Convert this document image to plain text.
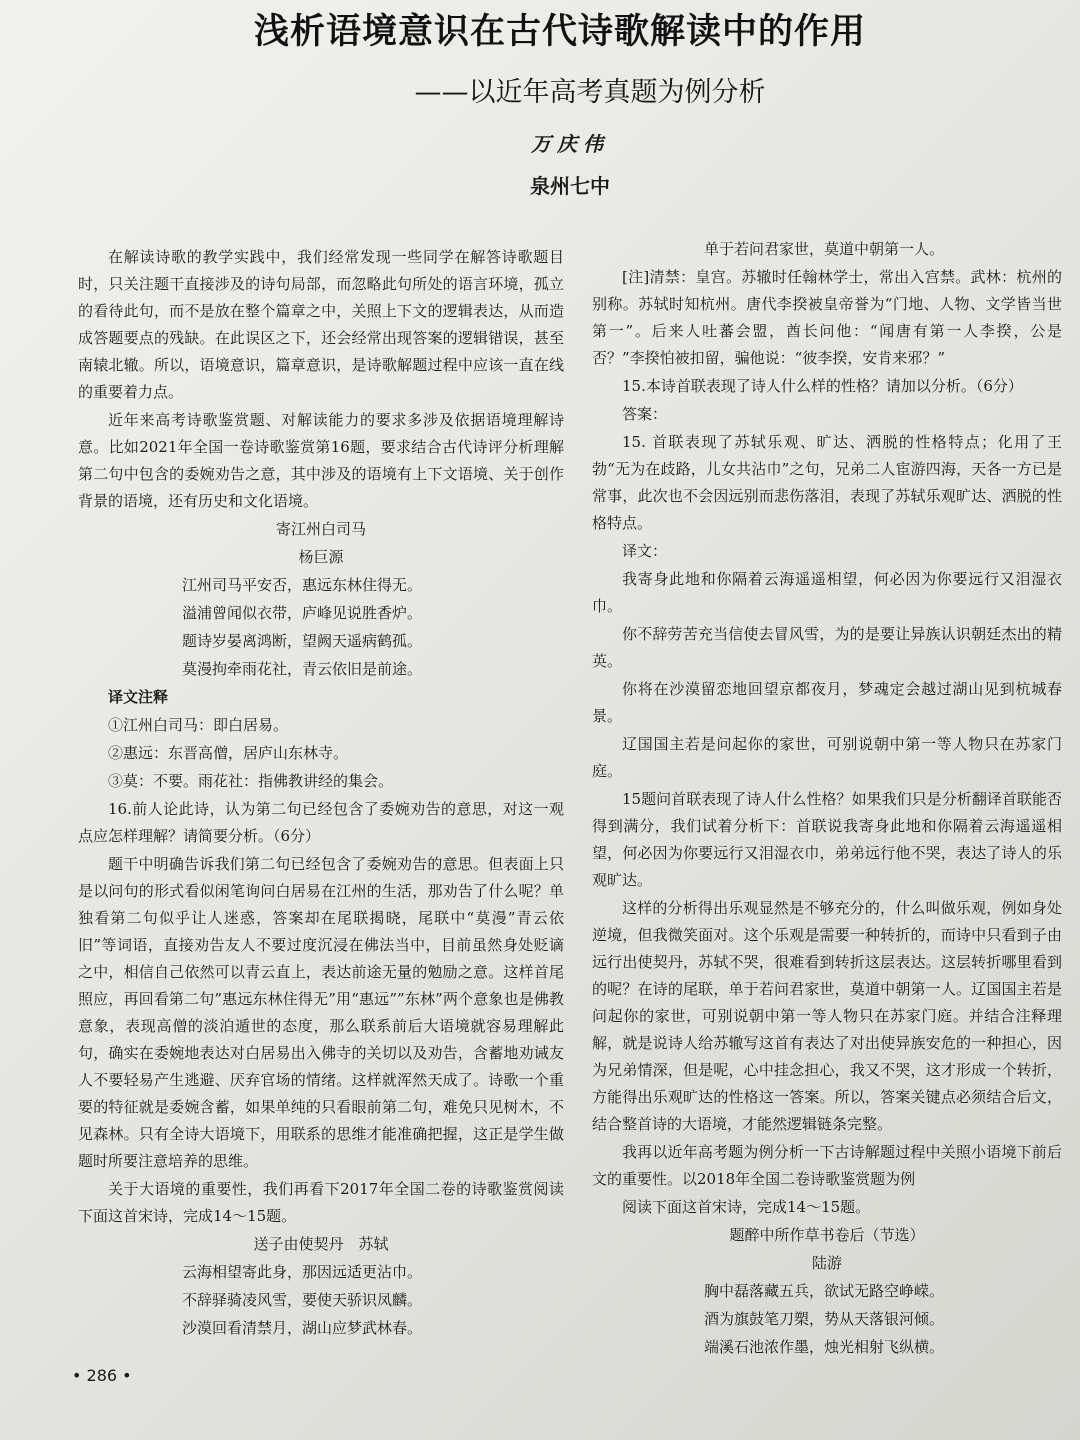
浅析语境意识在古代诗歌解读中的作用
——以近年高考真题为例分析
万庆伟
泉州七中

在解读诗歌的教学实践中，我们经常发现一些同学在解答诗歌题目时，只关注题干直接涉及的诗句局部，而忽略此句所处的语言环境，孤立的看待此句，而不是放在整个篇章之中，关照上下文的逻辑表达，从而造成答题要点的残缺。在此误区之下，还会经常出现答案的逻辑错误，甚至南辕北辙。所以，语境意识，篇章意识，是诗歌解题过程中应该一直在线的重要着力点。

近年来高考诗歌鉴赏题、对解读能力的要求多涉及依据语境理解诗意。比如2021年全国一卷诗歌鉴赏第16题，要求结合古代诗评分析理解第二句中包含的委婉劝告之意，其中涉及的语境有上下文语境、关于创作背景的语境，还有历史和文化语境。

寄江州白司马

杨巨源

江州司马平安否，惠远东林住得无。

溢浦曾闻似衣带，庐峰见说胜香炉。

题诗岁晏离鸿断，望阙天遥病鹤孤。

莫漫拘牵雨花社，青云依旧是前途。

译文注释

①江州白司马：即白居易。

②惠远：东晋高僧，居庐山东林寺。

③莫：不要。雨花社：指佛教讲经的集会。

16.前人论此诗，认为第二句已经包含了委婉劝告的意思，对这一观点应怎样理解？请简要分析。（6分）

题干中明确告诉我们第二句已经包含了委婉劝告的意思。但表面上只是以问句的形式看似闲笔询问白居易在江州的生活，那劝告了什么呢？单独看第二句似乎让人迷惑，答案却在尾联揭晓，尾联中“莫漫”青云依旧”等词语，直接劝告友人不要过度沉浸在佛法当中，目前虽然身处贬谪之中，相信自己依然可以青云直上，表达前途无量的勉励之意。这样首尾照应，再回看第二句”惠远东林住得无”用“惠远””东林”两个意象也是佛教意象，表现高僧的淡泊遁世的态度，那么联系前后大语境就容易理解此句，确实在委婉地表达对白居易出入佛寺的关切以及劝告，含蓄地劝诫友人不要轻易产生逃避、厌弃官场的情绪。这样就浑然天成了。诗歌一个重要的特征就是委婉含蓄，如果单纯的只看眼前第二句，难免只见树木，不见森林。只有全诗大语境下，用联系的思维才能准确把握，这正是学生做题时所要注意培养的思维。

关于大语境的重要性，我们再看下2017年全国二卷的诗歌鉴赏阅读下面这首宋诗，完成14～15题。

送子由使契丹　苏轼

云海相望寄此身，那因远适更沾巾。

不辞驿骑凌风雪，要使天骄识凤麟。

沙漠回看清禁月，湖山应梦武林春。

单于若问君家世，莫道中朝第一人。

[注]清禁：皇宫。苏辙时任翰林学士，常出入宫禁。武林：杭州的别称。苏轼时知杭州。唐代李揆被皇帝誉为“门地、人物、文学皆当世第一”。后来人吐蕃会盟，酋长问他：“闻唐有第一人李揆，公是否？”李揆怕被扣留，骗他说：“彼李揆，安肯来邪？”

15.本诗首联表现了诗人什么样的性格？请加以分析。（6分）

答案：

15. 首联表现了苏轼乐观、旷达、洒脱的性格特点；化用了王勃“无为在歧路，儿女共沾巾”之句，兄弟二人宦游四海，天各一方已是常事，此次也不会因远别而悲伤落泪，表现了苏轼乐观旷达、洒脱的性格特点。

译文：

我寄身此地和你隔着云海遥遥相望，何必因为你要远行又泪湿衣巾。

你不辞劳苦充当信使去冒风雪，为的是要让异族认识朝廷杰出的精英。

你将在沙漠留恋地回望京都夜月，梦魂定会越过湖山见到杭城春景。

辽国国主若是问起你的家世，可别说朝中第一等人物只在苏家门庭。

15题问首联表现了诗人什么性格？如果我们只是分析翻译首联能否得到满分，我们试着分析下：首联说我寄身此地和你隔着云海遥遥相望，何必因为你要远行又泪湿衣巾，弟弟远行他不哭，表达了诗人的乐观旷达。

这样的分析得出乐观显然是不够充分的，什么叫做乐观，例如身处逆境，但我微笑面对。这个乐观是需要一种转折的，而诗中只看到子由远行出使契丹，苏轼不哭，很难看到转折这层表达。这层转折哪里看到的呢？在诗的尾联，单于若问君家世，莫道中朝第一人。辽国国主若是问起你的家世，可别说朝中第一等人物只在苏家门庭。并结合注释理解，就是说诗人给苏辙写这首有表达了对出使异族安危的一种担心，因为兄弟情深，但是呢，心中挂念担心，我又不哭，这才形成一个转折，方能得出乐观旷达的性格这一答案。所以，答案关键点必须结合后文，结合整首诗的大语境，才能然逻辑链条完整。

我再以近年高考题为例分析一下古诗解题过程中关照小语境下前后文的重要性。以2018年全国二卷诗歌鉴赏题为例

阅读下面这首宋诗，完成14～15题。

题醉中所作草书卷后（节选）

陆游

胸中磊落藏五兵，欲试无路空峥嵘。

酒为旗鼓笔刀槊，势从天落银河倾。

端溪石池浓作墨，烛光相射飞纵横。

• 286 •
